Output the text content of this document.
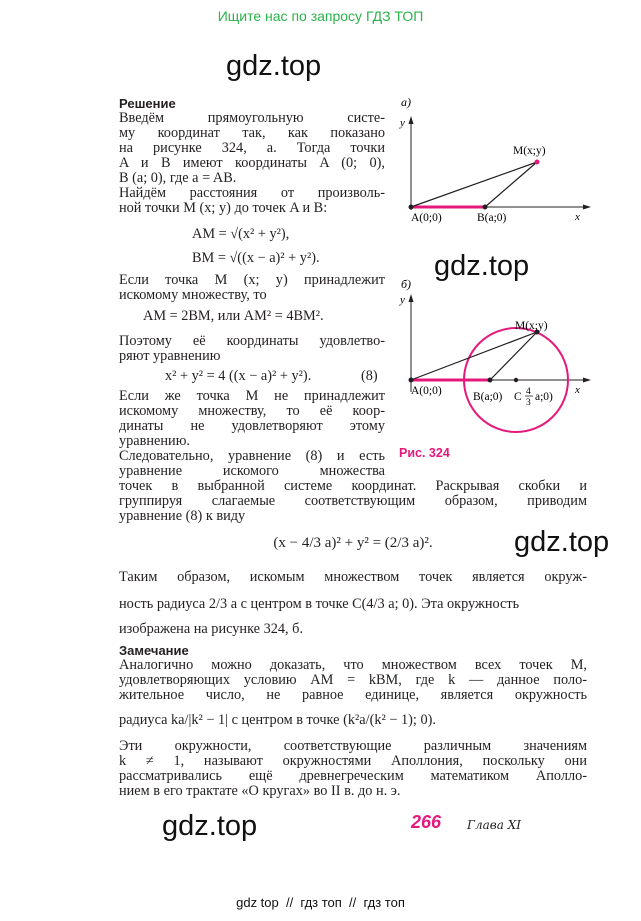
Ищите нас по запросу ГДЗ ТОП
gdz.top
gdz.top
gdz.top
gdz.top
Решение
Введём прямоугольную систе-
му координат так, как показано
на рисунке 324, а. Тогда точки
A и B имеют координаты A (0; 0),
B (a; 0), где a = AB.
Найдём расстояния от произволь-
ной точки M (x; y) до точек A и B:
AM = √(x² + y²),
BM = √((x − a)² + y²).
Если точка M (x; y) принадлежит
искомому множеству, то
AM = 2BM, или AM² = 4BM².
Поэтому её координаты удовлетво-
ряют уравнению
x² + y² = 4 ((x − a)² + y²).	(8)
Если же точка M не принадлежит
искомому множеству, то её коор-
динаты не удовлетворяют этому
уравнению.
Следовательно, уравнение (8) и есть
уравнение искомого множества
точек в выбранной системе координат. Раскрывая скобки и
группируя слагаемые соответствующим образом, приводим
уравнение (8) к виду
(x − 4/3 a)² + y² = (2/3 a)².
Таким образом, искомым множеством точек является окруж-
ность радиуса 2/3 a с центром в точке C(4/3 a; 0). Эта окружность
изображена на рисунке 324, б.
Замечание
Аналогично можно доказать, что множеством всех точек M,
удовлетворяющих условию AM = kBM, где k — данное поло-
жительное число, не равное единице, является окружность
радиуса ka/|k² − 1| с центром в точке (k²a/(k² − 1); 0).
Эти окружности, соответствующие различным значениям
k ≠ 1, называют окружностями Аполлония, поскольку они
рассматривались ещё древнегреческим математиком Аполло-
нием в его трактате «О кругах» во II в. до н. э.
а)
y
x
A(0;0)	B(a;0)
M(x;y)
б)
y
x
A(0;0)	B(a;0) C 4
3 a;0)
M(x;y)
Рис. 324
266 Глава XI
gdz top  //  гдз топ  //  гдз топ
